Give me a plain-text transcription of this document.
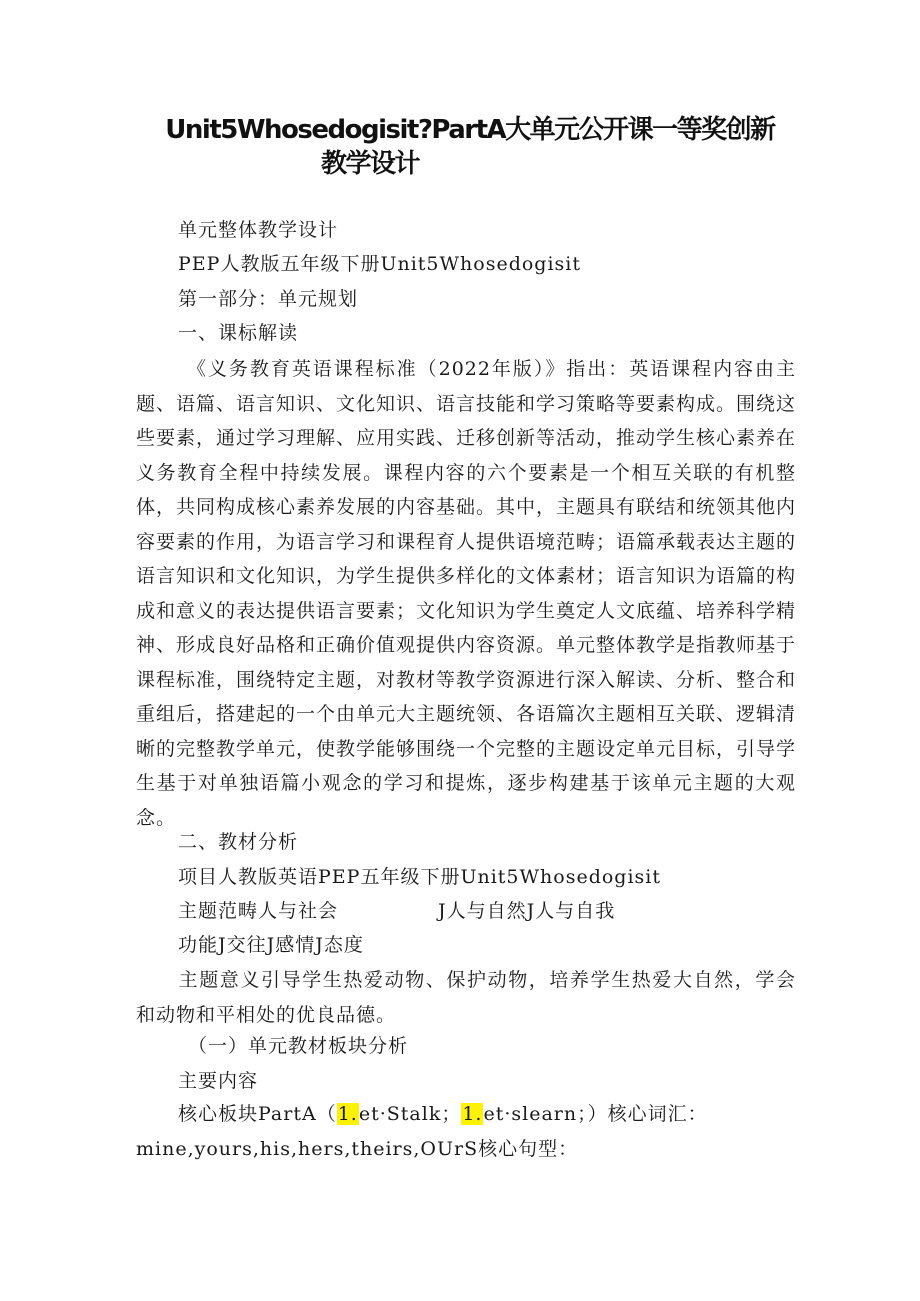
Unit5Whosedogisit?PartA大单元公开课一等奖创新
教学设计

单元整体教学设计

PEP人教版五年级下册Unit5Whosedogisit

第一部分：单元规划

一、课标解读

《义务教育英语课程标准（2022年版）》指出：英语课程内容由主题、语篇、语言知识、文化知识、语言技能和学习策略等要素构成。围绕这些要素，通过学习理解、应用实践、迁移创新等活动，推动学生核心素养在义务教育全程中持续发展。课程内容的六个要素是一个相互关联的有机整体，共同构成核心素养发展的内容基础。其中，主题具有联结和统领其他内容要素的作用，为语言学习和课程育人提供语境范畴；语篇承载表达主题的语言知识和文化知识，为学生提供多样化的文体素材；语言知识为语篇的构成和意义的表达提供语言要素；文化知识为学生奠定人文底蕴、培养科学精神、形成良好品格和正确价值观提供内容资源。单元整体教学是指教师基于课程标准，围绕特定主题，对教材等教学资源进行深入解读、分析、整合和重组后，搭建起的一个由单元大主题统领、各语篇次主题相互关联、逻辑清晰的完整教学单元，使教学能够围绕一个完整的主题设定单元目标，引导学生基于对单独语篇小观念的学习和提炼，逐步构建基于该单元主题的大观念。

二、教材分析

项目人教版英语PEP五年级下册Unit5Whosedogisit

主题范畴人与社会	J人与自然J人与自我

功能J交往J感情J态度

主题意义引导学生热爱动物、保护动物，培养学生热爱大自然，学会和动物和平相处的优良品德。

（一）单元教材板块分析

主要内容

核心板块PartA（1.et·Stalk；1.et·slearn；）核心词汇：

mine,yours,his,hers,theirs,OUrS核心句型：
